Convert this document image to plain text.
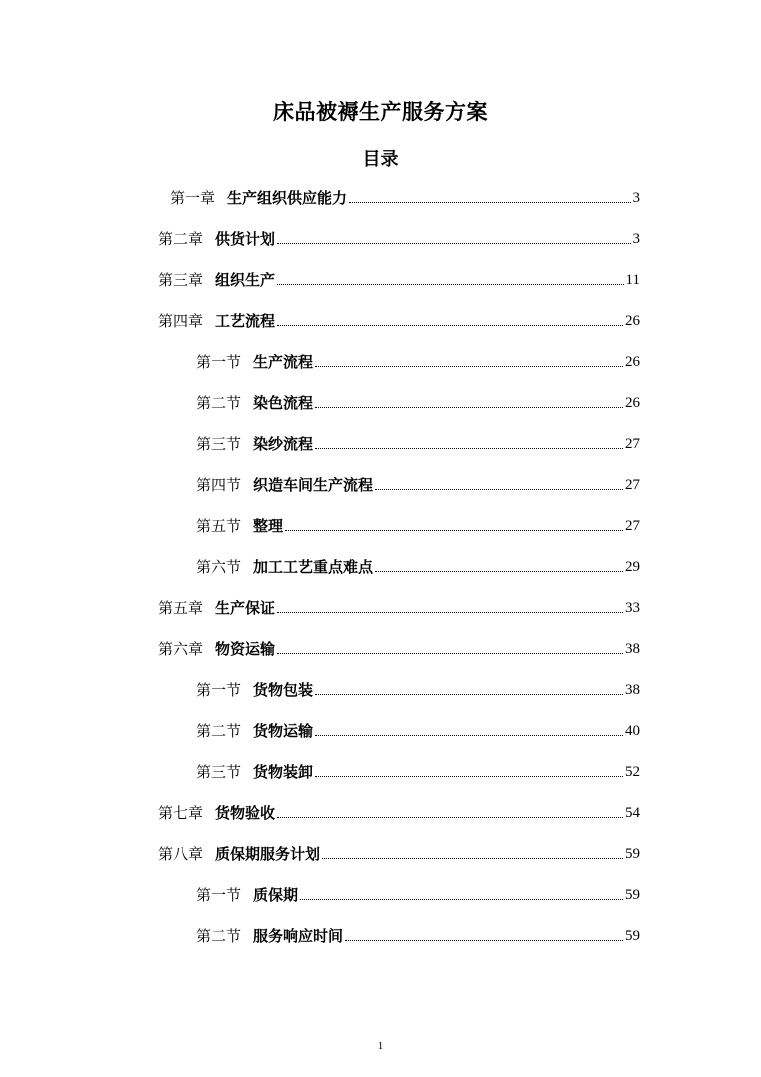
床品被褥生产服务方案
目录
第一章 生产组织供应能力	3
第二章 供货计划	3
第三章 组织生产	11
第四章 工艺流程	26
第一节 生产流程	26
第二节 染色流程	26
第三节 染纱流程	27
第四节 织造车间生产流程	27
第五节 整理	27
第六节 加工工艺重点难点	29
第五章 生产保证	33
第六章 物资运输	38
第一节 货物包装	38
第二节 货物运输	40
第三节 货物装卸	52
第七章 货物验收	54
第八章 质保期服务计划	59
第一节 质保期	59
第二节 服务响应时间	59
1
